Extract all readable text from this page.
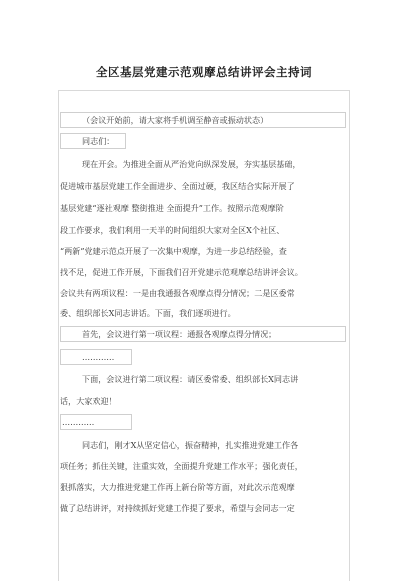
全区基层党建示范观摩总结讲评会主持词
（会议开始前，请大家将手机调至静音或振动状态）
同志们：
现在开会。为推进全面从严治党向纵深发展，夯实基层基础，
促进城市基层党建工作全面进步、全面过硬，我区结合实际开展了
基层党建“逐社观摩 整街推进 全面提升”工作。按照示范观摩阶
段工作要求，我们利用一天半的时间组织大家对全区X个社区、
“两新”党建示范点开展了一次集中观摩，为进一步总结经验，查
找不足，促进工作开展，下面我们召开党建示范观摩总结讲评会议。
会议共有两项议程：一是由我通报各观摩点得分情况；二是区委常
委、组织部长X同志讲话。下面，我们逐项进行。
首先，会议进行第一项议程：通报各观摩点得分情况；
…………
下面，会议进行第二项议程：请区委常委、组织部长X同志讲
话，大家欢迎！
…………
同志们，刚才X从坚定信心，振奋精神，扎实推进党建工作各
项任务；抓住关键，注重实效，全面提升党建工作水平；强化责任，
狠抓落实，大力推进党建工作再上新台阶等方面，对此次示范观摩
做了总结讲评，对持续抓好党建工作提了要求，希望与会同志一定
